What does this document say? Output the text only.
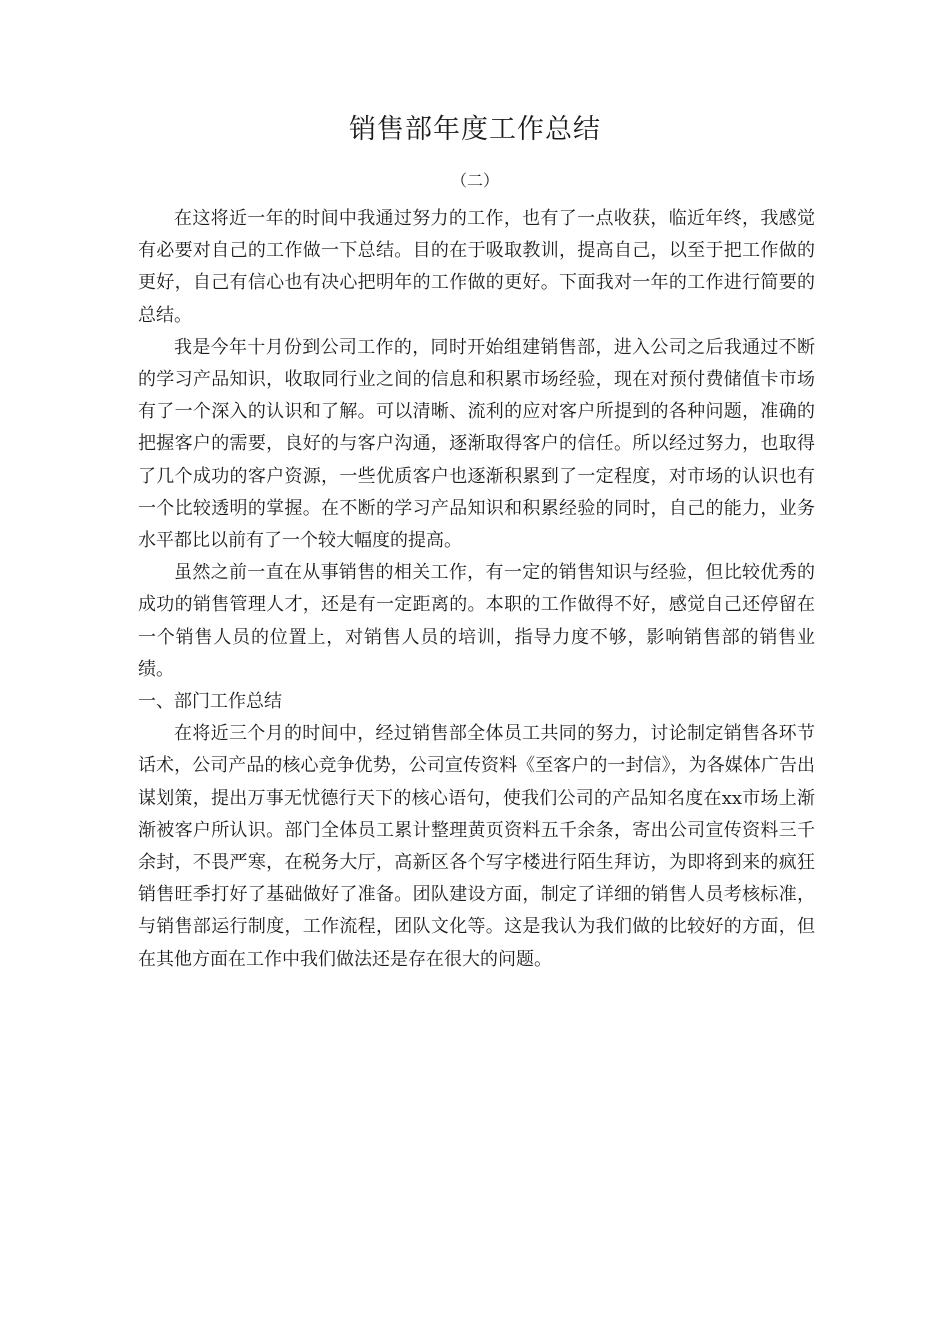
销售部年度工作总结
（二）

在这将近一年的时间中我通过努力的工作，也有了一点收获，临近年终，我感觉有必要对自己的工作做一下总结。目的在于吸取教训，提高自己，以至于把工作做的更好，自己有信心也有决心把明年的工作做的更好。下面我对一年的工作进行简要的总结。

我是今年十月份到公司工作的，同时开始组建销售部，进入公司之后我通过不断的学习产品知识，收取同行业之间的信息和积累市场经验，现在对预付费储值卡市场有了一个深入的认识和了解。可以清晰、流利的应对客户所提到的各种问题，准确的把握客户的需要，良好的与客户沟通，逐渐取得客户的信任。所以经过努力，也取得了几个成功的客户资源，一些优质客户也逐渐积累到了一定程度，对市场的认识也有一个比较透明的掌握。在不断的学习产品知识和积累经验的同时，自己的能力，业务水平都比以前有了一个较大幅度的提高。

虽然之前一直在从事销售的相关工作，有一定的销售知识与经验，但比较优秀的成功的销售管理人才，还是有一定距离的。本职的工作做得不好，感觉自己还停留在一个销售人员的位置上，对销售人员的培训，指导力度不够，影响销售部的销售业绩。

一、部门工作总结

在将近三个月的时间中，经过销售部全体员工共同的努力，讨论制定销售各环节话术，公司产品的核心竞争优势，公司宣传资料《至客户的一封信》，为各媒体广告出谋划策，提出万事无忧德行天下的核心语句，使我们公司的产品知名度在xx市场上渐渐被客户所认识。部门全体员工累计整理黄页资料五千余条，寄出公司宣传资料三千余封，不畏严寒，在税务大厅，高新区各个写字楼进行陌生拜访，为即将到来的疯狂销售旺季打好了基础做好了准备。团队建设方面，制定了详细的销售人员考核标准，与销售部运行制度，工作流程，团队文化等。这是我认为我们做的比较好的方面，但在其他方面在工作中我们做法还是存在很大的问题。
